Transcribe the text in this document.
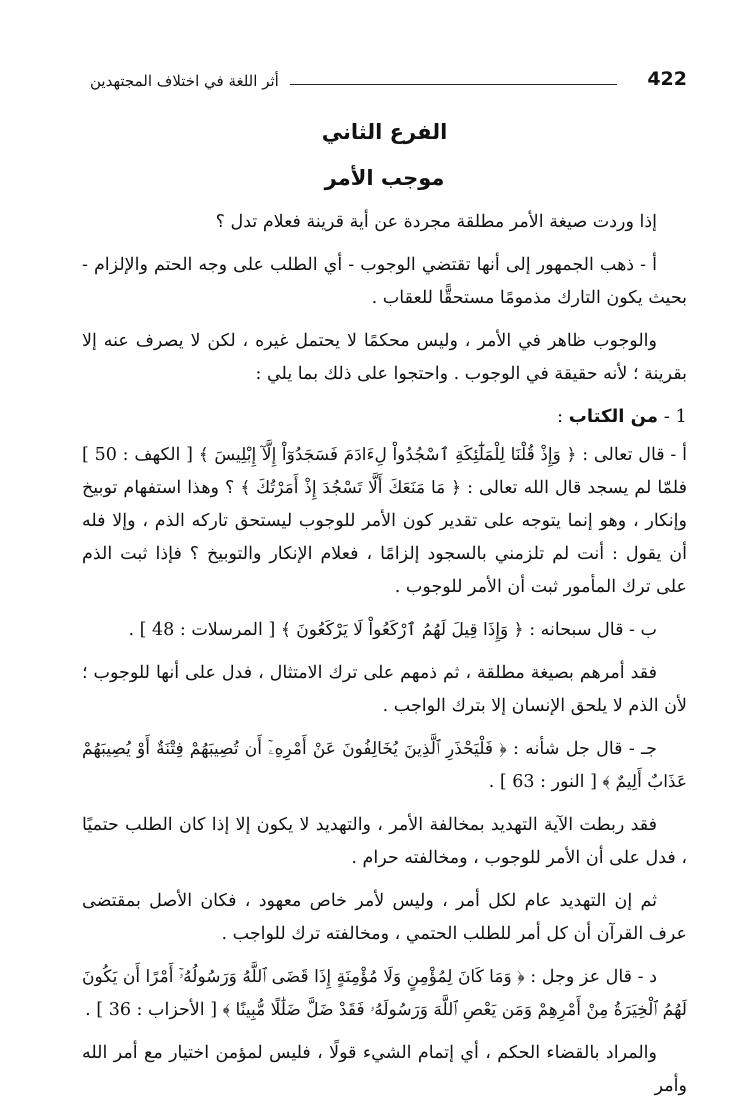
أثر اللغة في اختلاف المجتهدين	422
الفرع الثاني
موجب الأمر

إذا وردت صيغة الأمر مطلقة مجردة عن أية قرينة فعلام تدل ؟

أ - ذهب الجمهور إلى أنها تقتضي الوجوب - أي الطلب على وجه الحتم والإلزام - بحيث يكون التارك مذمومًا مستحقًّا للعقاب .

والوجوب ظاهر في الأمر ، وليس محكمًا لا يحتمل غيره ، لكن لا يصرف عنه إلا بقرينة ؛ لأنه حقيقة في الوجوب . واحتجوا على ذلك بما يلي :

1 - من الكتاب :

أ - قال تعالى : ﴿ وَإِذْ قُلْنَا لِلْمَلَٰٓئِكَةِ ٱسْجُدُواْ لِءَادَمَ فَسَجَدُوٓاْ إِلَّآ إِبْلِيسَ ﴾ [ الكهف : 50 ] فلمّا لم يسجد قال الله تعالى : ﴿ مَا مَنَعَكَ أَلَّا تَسْجُدَ إِذْ أَمَرْتُكَ ﴾ ؟ وهذا استفهام توبيخ وإنكار ، وهو إنما يتوجه على تقدير كون الأمر للوجوب ليستحق تاركه الذم ، وإلا فله أن يقول : أنت لم تلزمني بالسجود إلزامًا ، فعلام الإنكار والتوبيخ ؟ فإذا ثبت الذم على ترك المأمور ثبت أن الأمر للوجوب .

ب - قال سبحانه : ﴿ وَإِذَا قِيلَ لَهُمُ ٱرْكَعُواْ لَا يَرْكَعُونَ ﴾ [ المرسلات : 48 ] .

فقد أمرهم بصيغة مطلقة ، ثم ذمهم على ترك الامتثال ، فدل على أنها للوجوب ؛ لأن الذم لا يلحق الإنسان إلا بترك الواجب .

جـ - قال جل شأنه : ﴿ فَلْيَحْذَرِ ٱلَّذِينَ يُخَالِفُونَ عَنْ أَمْرِهِۦٓ أَن تُصِيبَهُمْ فِتْنَةٌ أَوْ يُصِيبَهُمْ عَذَابٌ أَلِيمٌ ﴾ [ النور : 63 ] .

فقد ربطت الآية التهديد بمخالفة الأمر ، والتهديد لا يكون إلا إذا كان الطلب حتميًا ، فدل على أن الأمر للوجوب ، ومخالفته حرام .

ثم إن التهديد عام لكل أمر ، وليس لأمر خاص معهود ، فكان الأصل بمقتضى عرف القرآن أن كل أمر للطلب الحتمي ، ومخالفته ترك للواجب .

د - قال عز وجل : ﴿ وَمَا كَانَ لِمُؤْمِنٍ وَلَا مُؤْمِنَةٍ إِذَا قَضَى ٱللَّهُ وَرَسُولُهُۥٓ أَمْرًا أَن يَكُونَ لَهُمُ ٱلْخِيَرَةُ مِنْ أَمْرِهِمْ وَمَن يَعْصِ ٱللَّهَ وَرَسُولَهُۥ فَقَدْ ضَلَّ ضَلَٰلًا مُّبِينًا ﴾ [ الأحزاب : 36 ] .

والمراد بالقضاء الحكم ، أي إتمام الشيء قولًا ، فليس لمؤمن اختيار مع أمر الله وأمر
